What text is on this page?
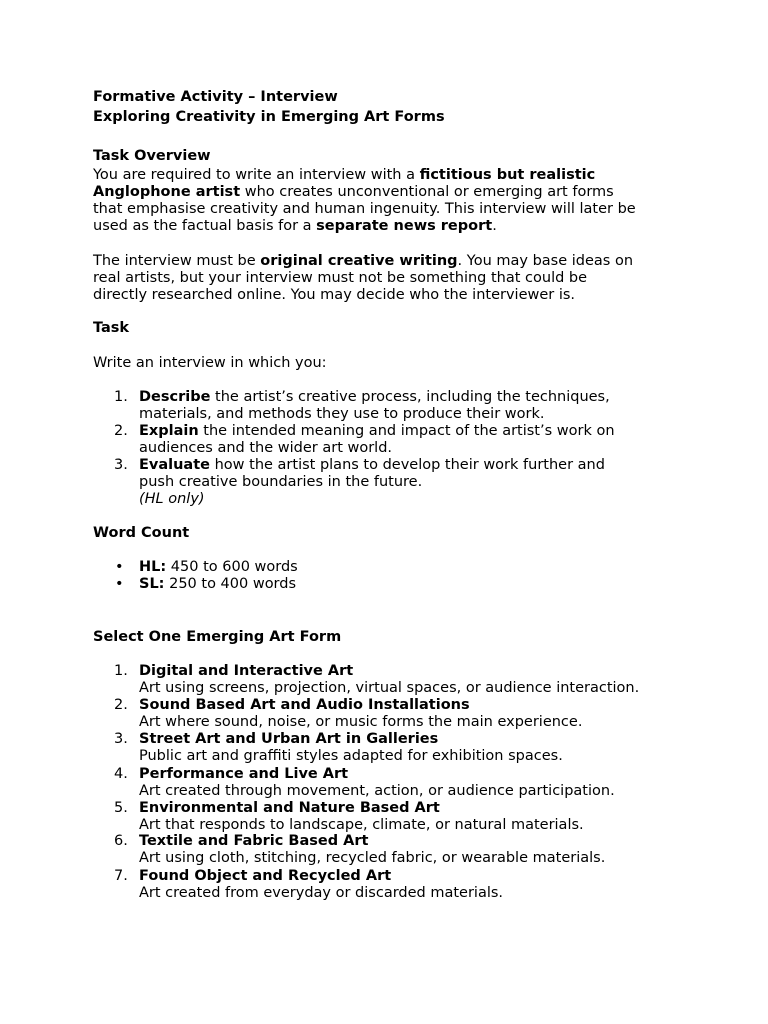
Formative Activity – Interview
Exploring Creativity in Emerging Art Forms
Task Overview
You are required to write an interview with a fictitious but realistic
Anglophone artist who creates unconventional or emerging art forms
that emphasise creativity and human ingenuity. This interview will later be
used as the factual basis for a separate news report.
The interview must be original creative writing. You may base ideas on
real artists, but your interview must not be something that could be
directly researched online. You may decide who the interviewer is.
Task
Write an interview in which you:
1. Describe the artist’s creative process, including the techniques,
materials, and methods they use to produce their work.
2. Explain the intended meaning and impact of the artist’s work on
audiences and the wider art world.
3. Evaluate how the artist plans to develop their work further and
push creative boundaries in the future.
(HL only)
Word Count
• HL: 450 to 600 words
• SL: 250 to 400 words
Select One Emerging Art Form
1. Digital and Interactive Art
Art using screens, projection, virtual spaces, or audience interaction.
2. Sound Based Art and Audio Installations
Art where sound, noise, or music forms the main experience.
3. Street Art and Urban Art in Galleries
Public art and graffiti styles adapted for exhibition spaces.
4. Performance and Live Art
Art created through movement, action, or audience participation.
5. Environmental and Nature Based Art
Art that responds to landscape, climate, or natural materials.
6. Textile and Fabric Based Art
Art using cloth, stitching, recycled fabric, or wearable materials.
7. Found Object and Recycled Art
Art created from everyday or discarded materials.
